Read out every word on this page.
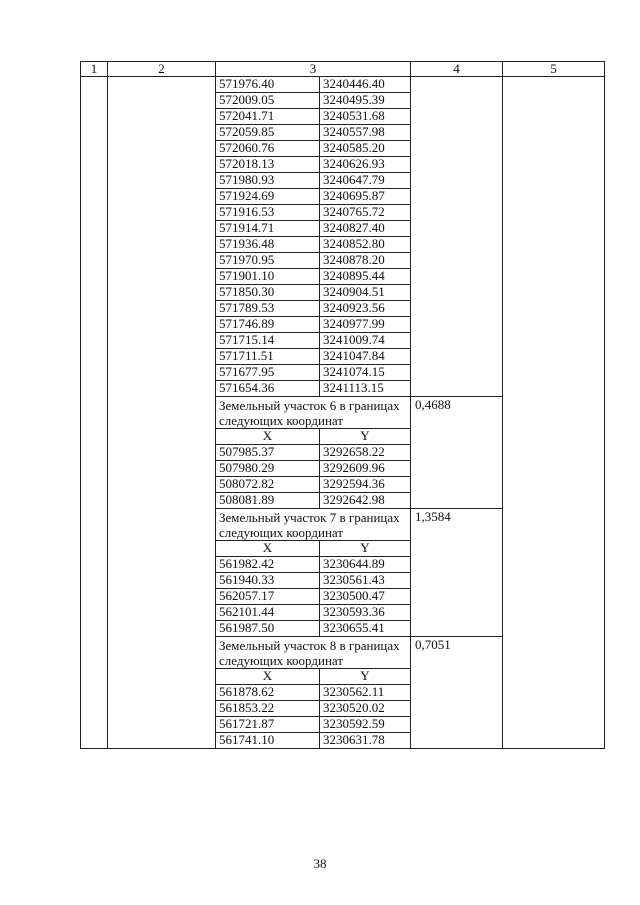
1	2	3		4	5
		571976.40	3240446.40		
		572009.05	3240495.39		
		572041.71	3240531.68		
		572059.85	3240557.98		
		572060.76	3240585.20		
		572018.13	3240626.93		
		571980.93	3240647.79		
		571924.69	3240695.87		
		571916.53	3240765.72		
		571914.71	3240827.40		
		571936.48	3240852.80		
		571970.95	3240878.20		
		571901.10	3240895.44		
		571850.30	3240904.51		
		571789.53	3240923.56		
		571746.89	3240977.99		
		571715.14	3241009.74		
		571711.51	3241047.84		
		571677.95	3241074.15		
		571654.36	3241113.15		
		Земельный участок 6 в границах следующих координат		0,4688	
		X	Y		
		507985.37	3292658.22		
		507980.29	3292609.96		
		508072.82	3292594.36		
		508081.89	3292642.98		
		Земельный участок 7 в границах следующих координат		1,3584	
		X	Y		
		561982.42	3230644.89		
		561940.33	3230561.43		
		562057.17	3230500.47		
		562101.44	3230593.36		
		561987.50	3230655.41		
		Земельный участок 8 в границах следующих координат		0,7051	
		X	Y		
		561878.62	3230562.11		
		561853.22	3230520.02		
		561721.87	3230592.59		
		561741.10	3230631.78		
38
